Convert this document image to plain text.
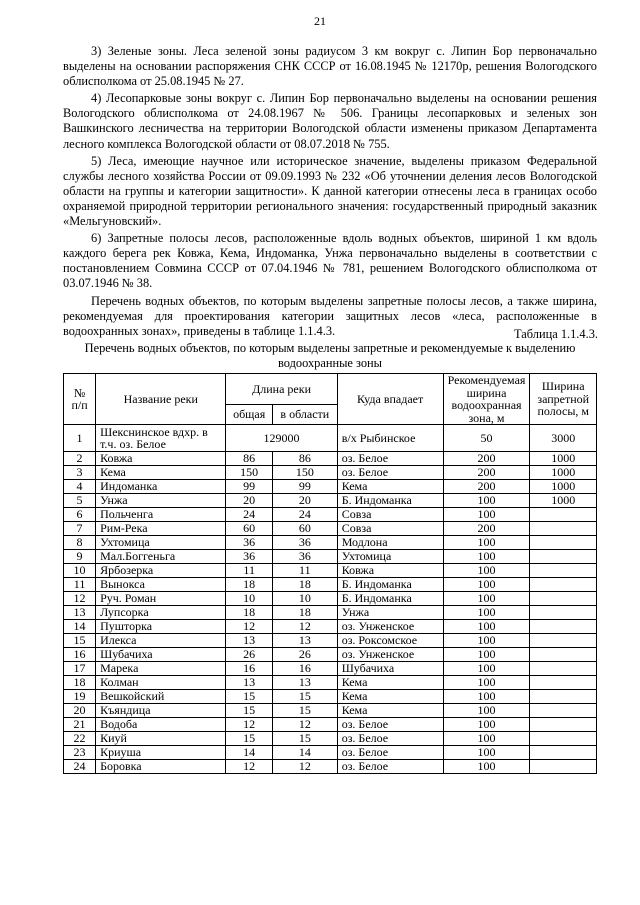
21

3) Зеленые зоны. Леса зеленой зоны радиусом 3 км вокруг с. Липин Бор первоначально выделены на основании распоряжения СНК СССР от 16.08.1945 № 12170р, решения Вологодского облисполкома от 25.08.1945 № 27.

4) Лесопарковые зоны вокруг с. Липин Бор первоначально выделены на основании решения Вологодского облисполкома от 24.08.1967 № 506. Границы лесопарковых и зеленых зон Вашкинского лесничества на территории Вологодской области изменены приказом Департамента лесного комплекса Вологодской области от 08.07.2018 № 755.

5) Леса, имеющие научное или историческое значение, выделены приказом Федеральной службы лесного хозяйства России от 09.09.1993 № 232 «Об уточнении деления лесов Вологодской области на группы и категории защитности». К данной категории отнесены леса в границах особо охраняемой природной территории регионального значения: государственный природный заказник «Мельгуновский».

6) Запретные полосы лесов, расположенные вдоль водных объектов, шириной 1 км вдоль каждого берега рек Ковжа, Кема, Индоманка, Унжа первоначально выделены в соответствии с постановлением Совмина СССР от 07.04.1946 № 781, решением Вологодского облисполкома от 03.07.1946 № 38.

Перечень водных объектов, по которым выделены запретные полосы лесов, а также ширина, рекомендуемая для проектирования категории защитных лесов «леса, расположенные в водоохранных зонах», приведены в таблице 1.1.4.3.	Таблица 1.1.4.3.
Перечень водных объектов, по которым выделены запретные и рекомендуемые к выделению водоохранные зоны
№ п/п	Название реки	Длина реки		Куда впадает	Рекомендуемая ширина водоохранная зона, м	Ширина запретной полосы, м
		общая	в области			
1	Шекснинское вдхр. в т.ч. оз. Белое	129000		в/х Рыбинское	50	3000
2	Ковжа	86	86	оз. Белое	200	1000
3	Кема	150	150	оз. Белое	200	1000
4	Индоманка	99	99	Кема	200	1000
5	Унжа	20	20	Б. Индоманка	100	1000
6	Польченга	24	24	Совза	100	
7	Рим-Река	60	60	Совза	200	
8	Ухтомица	36	36	Модлона	100	
9	Мал.Боггеньга	36	36	Ухтомица	100	
10	Ярбозерка	11	11	Ковжа	100	
11	Вынокса	18	18	Б. Индоманка	100	
12	Руч. Роман	10	10	Б. Индоманка	100	
13	Лупсорка	18	18	Унжа	100	
14	Пушторка	12	12	оз. Унженское	100	
15	Илекса	13	13	оз. Роксомское	100	
16	Шубачиха	26	26	оз. Унженское	100	
17	Марека	16	16	Шубачиха	100	
18	Колман	13	13	Кема	100	
19	Вешкойский	15	15	Кема	100	
20	Къяндица	15	15	Кема	100	
21	Водоба	12	12	оз. Белое	100	
22	Киуй	15	15	оз. Белое	100	
23	Криуша	14	14	оз. Белое	100	
24	Боровка	12	12	оз. Белое	100	
